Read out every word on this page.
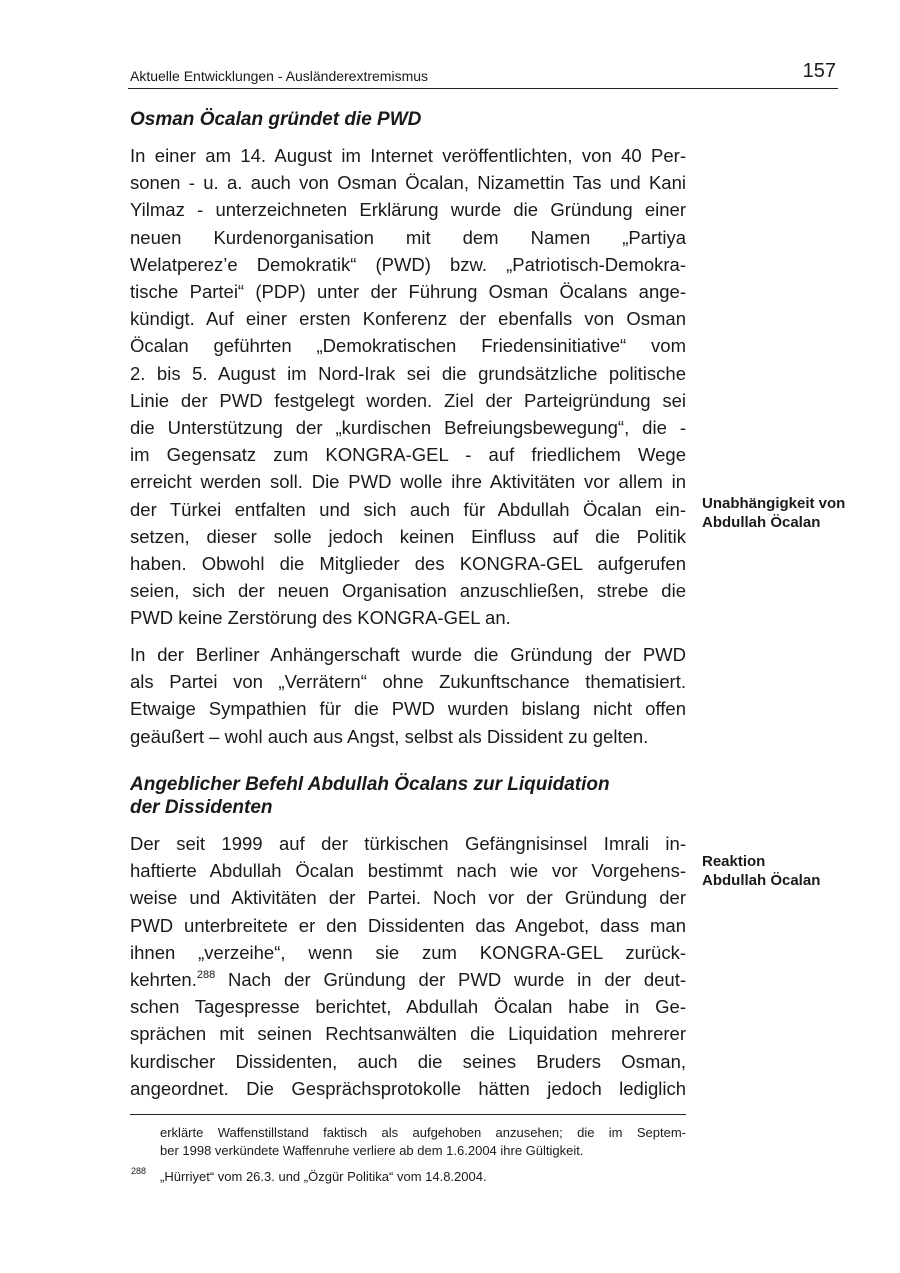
Aktuelle Entwicklungen - Ausländerextremismus	157
Osman Öcalan gründet die PWD
In einer am 14. August im Internet veröffentlichten, von 40 Per-
sonen - u. a. auch von Osman Öcalan, Nizamettin Tas und Kani
Yilmaz - unterzeichneten Erklärung wurde die Gründung einer
neuen Kurdenorganisation mit dem Namen „Partiya
Welatperez’e Demokratik“ (PWD) bzw. „Patriotisch-Demokra-
tische Partei“ (PDP) unter der Führung Osman Öcalans ange-
kündigt. Auf einer ersten Konferenz der ebenfalls von Osman
Öcalan geführten „Demokratischen Friedensinitiative“ vom
2. bis 5. August im Nord-Irak sei die grundsätzliche politische
Linie der PWD festgelegt worden. Ziel der Parteigründung sei
die Unterstützung der „kurdischen Befreiungsbewegung“, die -
im Gegensatz zum KONGRA-GEL - auf friedlichem Wege
erreicht werden soll. Die PWD wolle ihre Aktivitäten vor allem in
der Türkei entfalten und sich auch für Abdullah Öcalan ein-
setzen, dieser solle jedoch keinen Einfluss auf die Politik
haben. Obwohl die Mitglieder des KONGRA-GEL aufgerufen
seien, sich der neuen Organisation anzuschließen, strebe die
PWD keine Zerstörung des KONGRA-GEL an.
Unabhängigkeit von
Abdullah Öcalan
In der Berliner Anhängerschaft wurde die Gründung der PWD
als Partei von „Verrätern“ ohne Zukunftschance thematisiert.
Etwaige Sympathien für die PWD wurden bislang nicht offen
geäußert – wohl auch aus Angst, selbst als Dissident zu gelten.
Angeblicher Befehl Abdullah Öcalans zur Liquidation
der Dissidenten
Der seit 1999 auf der türkischen Gefängnisinsel Imrali in-
haftierte Abdullah Öcalan bestimmt nach wie vor Vorgehens-
weise und Aktivitäten der Partei. Noch vor der Gründung der
PWD unterbreitete er den Dissidenten das Angebot, dass man
ihnen „verzeihe“, wenn sie zum KONGRA-GEL zurück-
kehrten.$^{288}$ Nach der Gründung der PWD wurde in der deut-
schen Tagespresse berichtet, Abdullah Öcalan habe in Ge-
sprächen mit seinen Rechtsanwälten die Liquidation mehrerer
kurdischer Dissidenten, auch die seines Bruders Osman,
angeordnet. Die Gesprächsprotokolle hätten jedoch lediglich
Reaktion
Abdullah Öcalan
erklärte Waffenstillstand faktisch als aufgehoben anzusehen; die im Septem-
ber 1998 verkündete Waffenruhe verliere ab dem 1.6.2004 ihre Gültigkeit.
288 „Hürriyet“ vom 26.3. und „Özgür Politika“ vom 14.8.2004.
